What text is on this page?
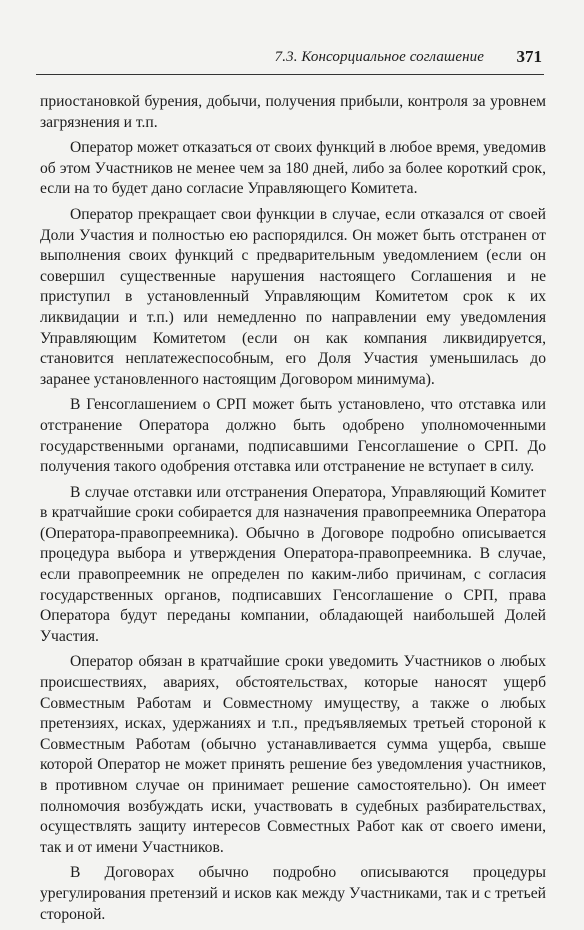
7.3. Консорциальное соглашение 371

приостановкой бурения, добычи, получения прибыли, контроля за уровнем загрязнения и т.п.

Оператор может отказаться от своих функций в любое время, уведомив об этом Участников не менее чем за 180 дней, либо за более короткий срок, если на то будет дано согласие Управляющего Комитета.

Оператор прекращает свои функции в случае, если отказался от своей Доли Участия и полностью ею распорядился. Он может быть отстранен от выполнения своих функций с предварительным уведомлением (если он совершил существенные нарушения настоящего Соглашения и не приступил в установленный Управляющим Комитетом срок к их ликвидации и т.п.) или немедленно по направлении ему уведомления Управляющим Комитетом (если он как компания ликвидируется, становится неплатежеспособным, его Доля Участия уменьшилась до заранее установленного настоящим Договором минимума).

В Генсоглашением о СРП может быть установлено, что отставка или отстранение Оператора должно быть одобрено уполномоченными государственными органами, подписавшими Генсоглашение о СРП. До получения такого одобрения отставка или отстранение не вступает в силу.

В случае отставки или отстранения Оператора, Управляющий Комитет в кратчайшие сроки собирается для назначения правопреемника Оператора (Оператора-правопреемника). Обычно в Договоре подробно описывается процедура выбора и утверждения Оператора-правопреемника. В случае, если правопреемник не определен по каким-либо причинам, с согласия государственных органов, подписавших Генсоглашение о СРП, права Оператора будут переданы компании, обладающей наибольшей Долей Участия.

Оператор обязан в кратчайшие сроки уведомить Участников о любых происшествиях, авариях, обстоятельствах, которые наносят ущерб Совместным Работам и Совместному имуществу, а также о любых претензиях, исках, удержаниях и т.п., предъявляемых третьей стороной к Совместным Работам (обычно устанавливается сумма ущерба, свыше которой Оператор не может принять решение без уведомления участников, в противном случае он принимает решение самостоятельно). Он имеет полномочия возбуждать иски, участвовать в судебных разбирательствах, осуществлять защиту интересов Совместных Работ как от своего имени, так и от имени Участников.

В Договорах обычно подробно описываются процедуры урегулирования претензий и исков как между Участниками, так и с третьей стороной.
